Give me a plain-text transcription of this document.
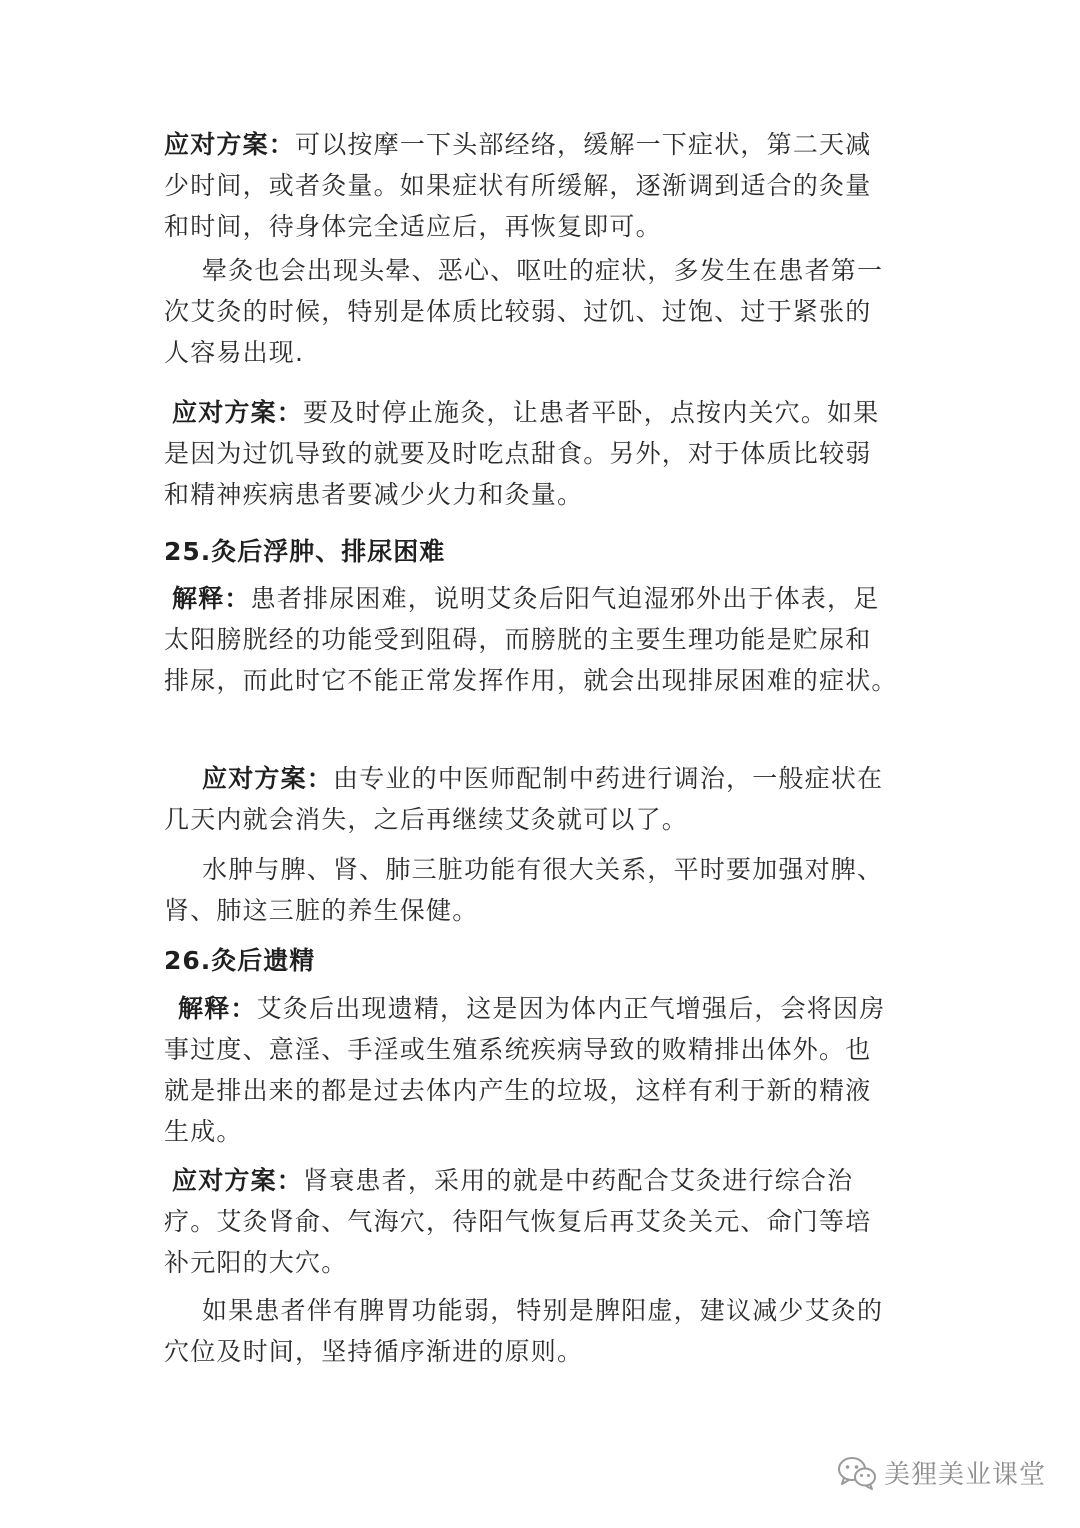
应对方案：可以按摩一下头部经络，缓解一下症状，第二天减
少时间，或者灸量。如果症状有所缓解，逐渐调到适合的灸量
和时间，待身体完全适应后，再恢复即可。

晕灸也会出现头晕、恶心、呕吐的症状，多发生在患者第一
次艾灸的时候，特别是体质比较弱、过饥、过饱、过于紧张的
人容易出现.

应对方案：要及时停止施灸，让患者平卧，点按内关穴。如果
是因为过饥导致的就要及时吃点甜食。另外，对于体质比较弱
和精神疾病患者要减少火力和灸量。

25.灸后浮肿、排尿困难

解释：患者排尿困难，说明艾灸后阳气迫湿邪外出于体表，足
太阳膀胱经的功能受到阻碍，而膀胱的主要生理功能是贮尿和
排尿，而此时它不能正常发挥作用，就会出现排尿困难的症状。

应对方案：由专业的中医师配制中药进行调治，一般症状在
几天内就会消失，之后再继续艾灸就可以了。

水肿与脾、肾、肺三脏功能有很大关系，平时要加强对脾、
肾、肺这三脏的养生保健。

26.灸后遗精

解释：艾灸后出现遗精，这是因为体内正气增强后，会将因房
事过度、意淫、手淫或生殖系统疾病导致的败精排出体外。也
就是排出来的都是过去体内产生的垃圾，这样有利于新的精液
生成。

应对方案：肾衰患者，采用的就是中药配合艾灸进行综合治
疗。艾灸肾俞、气海穴，待阳气恢复后再艾灸关元、命门等培
补元阳的大穴。

如果患者伴有脾胃功能弱，特别是脾阳虚，建议减少艾灸的
穴位及时间，坚持循序渐进的原则。

美狸美业课堂
